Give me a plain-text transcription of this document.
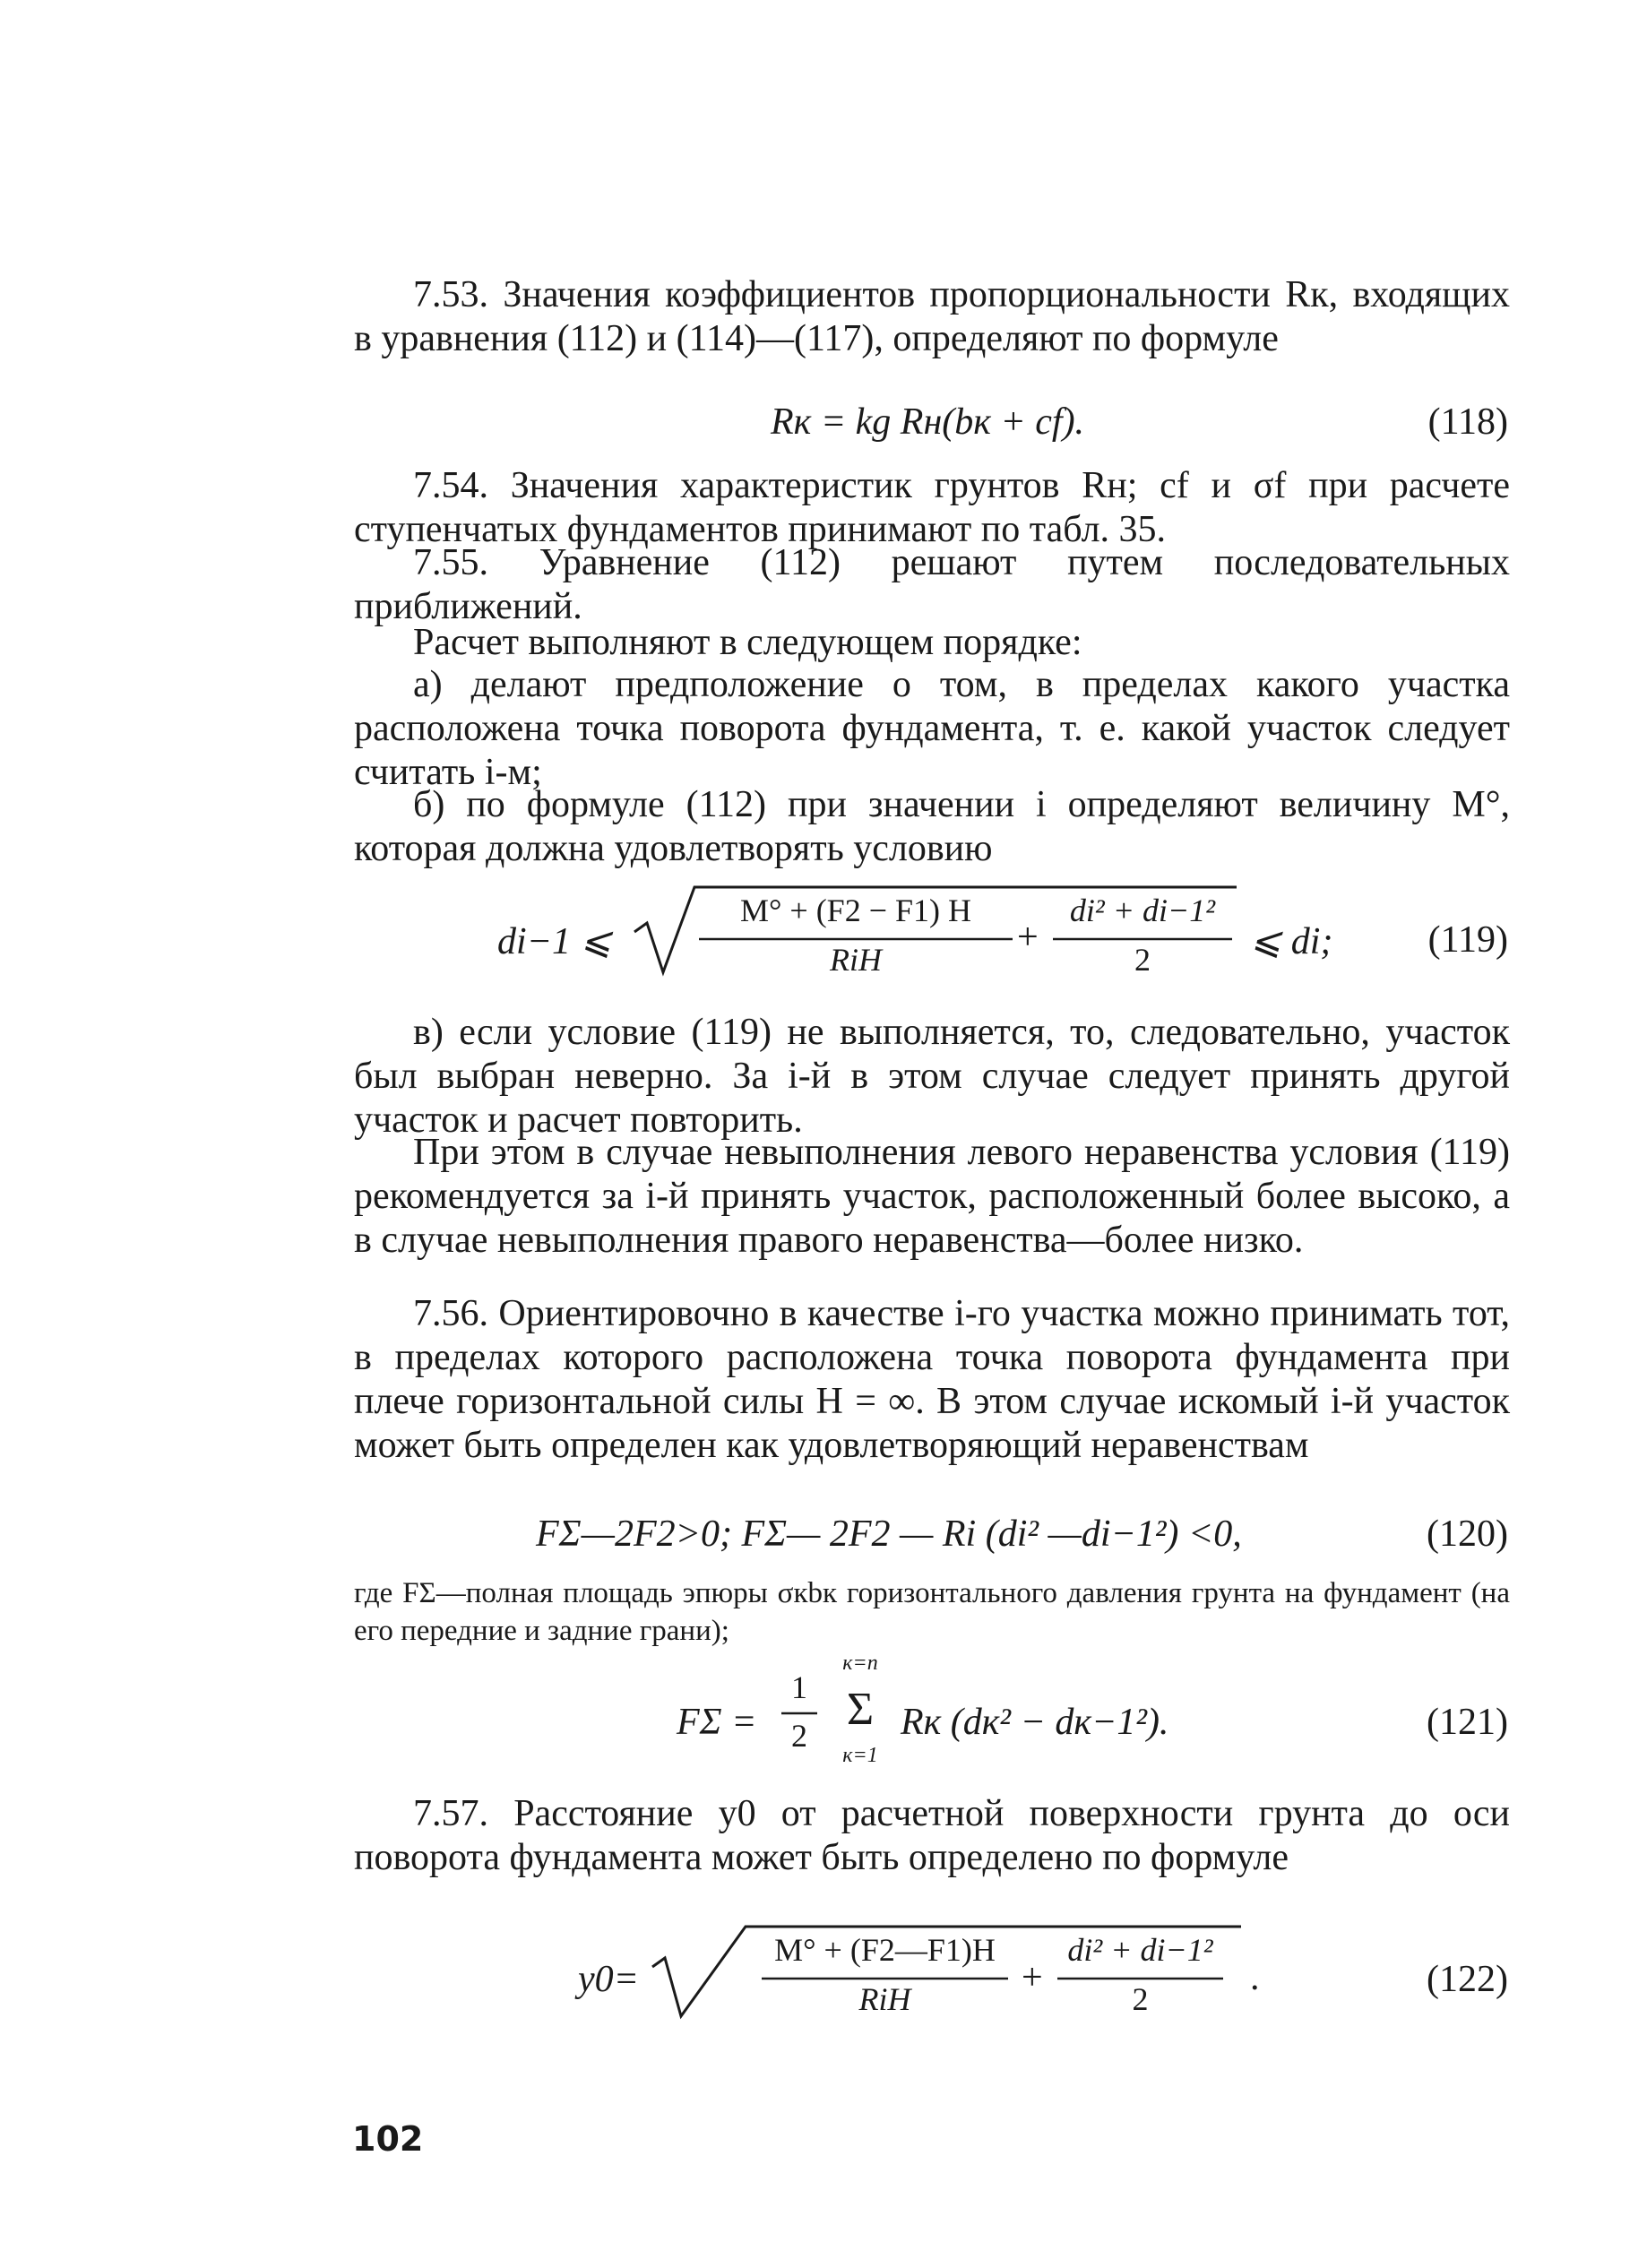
7.53. Значения коэффициентов пропорциональности Rк, входящих в уравнения (112) и (114)—(117), определяют по формуле

Rк = kg Rн(bк + cf).	(118)

7.54. Значения характеристик грунтов Rн; cf и σf при расчете ступенчатых фундаментов принимают по табл. 35.

7.55. Уравнение (112) решают путем последовательных приближений.

Расчет выполняют в следующем порядке:

а) делают предположение о том, в пределах какого участка расположена точка поворота фундамента, т. е. какой участок следует считать i-м;

б) по формуле (112) при значении i определяют величину M°, которая должна удовлетворять условию

di−1 ⩽
M° + (F2 − F1) H
RiH
+
di² + di−1²
2	⩽ di;	(119)

в) если условие (119) не выполняется, то, следовательно, участок был выбран неверно. За i-й в этом случае следует принять другой участок и расчет повторить.

При этом в случае невыполнения левого неравенства условия (119) рекомендуется за i-й принять участок, расположенный более высоко, а в случае невыполнения правого неравенства—более низко.

7.56. Ориентировочно в качестве i-го участка можно принимать тот, в пределах которого расположена точка поворота фундамента при плече горизонтальной силы H = ∞. В этом случае искомый i-й участок может быть определен как удовлетворяющий неравенствам

FΣ—2F2>0; FΣ— 2F2 — Ri (di² —di−1²) <0,	(120)

где FΣ—полная площадь эпюры σкbк горизонтального давления грунта на фундамент (на его передние и задние грани);

FΣ =
1
2
к=n
Σ
к=1
Rк (dк² − dк−1²).	(121)

7.57. Расстояние y0 от расчетной поверхности грунта до оси поворота фундамента может быть определено по формуле

y0=
M° + (F2—F1)H
RiH
+
di² + di−1²
2
.	(122)
102
